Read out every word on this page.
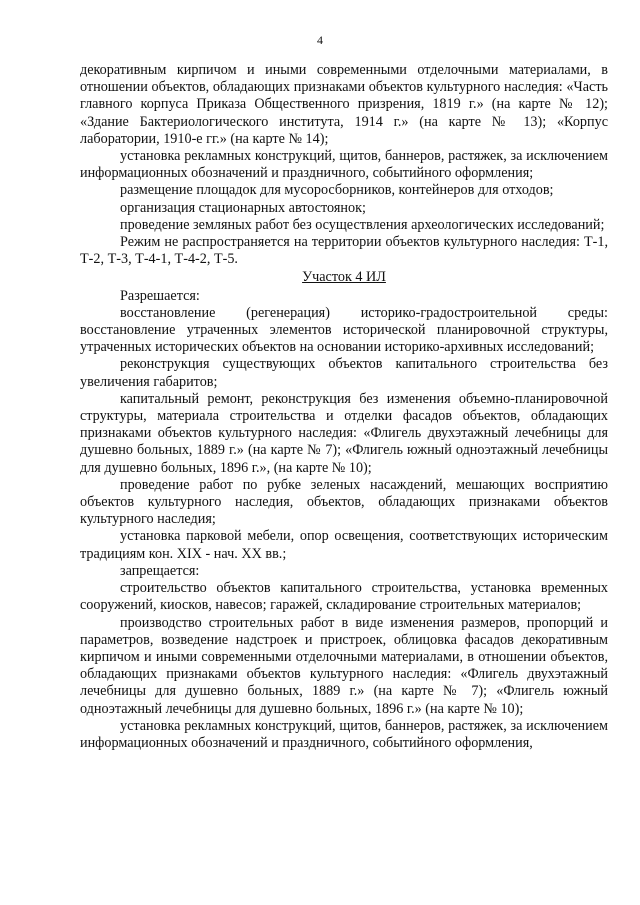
4

декоративным кирпичом и иными современными отделочными материалами, в отношении объектов, обладающих признаками объектов культурного наследия: «Часть главного корпуса Приказа Общественного призрения, 1819 г.» (на карте № 12); «Здание Бактериологического института, 1914 г.» (на карте № 13); «Корпус лаборатории, 1910-е гг.» (на карте № 14);

установка рекламных конструкций, щитов, баннеров, растяжек, за исключением информационных обозначений и праздничного, событийного оформления;

размещение площадок для мусоросборников, контейнеров для отходов;

организация стационарных автостоянок;

проведение земляных работ без осуществления археологических исследований;

Режим не распространяется на территории объектов культурного наследия: Т-1, Т-2, Т-3, Т-4-1, Т-4-2, Т-5.

Участок 4 ИЛ

Разрешается:

восстановление (регенерация) историко-градостроительной среды: восстановление утраченных элементов исторической планировочной структуры, утраченных исторических объектов на основании историко-архивных исследований;

реконструкция существующих объектов капитального строительства без увеличения габаритов;

капитальный ремонт, реконструкция без изменения объемно-планировочной структуры, материала строительства и отделки фасадов объектов, обладающих признаками объектов культурного наследия: «Флигель двухэтажный лечебницы для душевно больных, 1889 г.» (на карте № 7); «Флигель южный одноэтажный лечебницы для душевно больных, 1896 г.», (на карте № 10);

проведение работ по рубке зеленых насаждений, мешающих восприятию объектов культурного наследия, объектов, обладающих признаками объектов культурного наследия;

установка парковой мебели, опор освещения, соответствующих историческим традициям кон. XIX - нач. XX вв.;

запрещается:

строительство объектов капитального строительства, установка временных сооружений, киосков, навесов; гаражей, складирование строительных материалов;

производство строительных работ в виде изменения размеров, пропорций и параметров, возведение надстроек и пристроек, облицовка фасадов декоративным кирпичом и иными современными отделочными материалами, в отношении объектов, обладающих признаками объектов культурного наследия: «Флигель двухэтажный лечебницы для душевно больных, 1889 г.» (на карте № 7); «Флигель южный одноэтажный лечебницы для душевно больных, 1896 г.» (на карте № 10);

установка рекламных конструкций, щитов, баннеров, растяжек, за исключением информационных обозначений и праздничного, событийного оформления,
